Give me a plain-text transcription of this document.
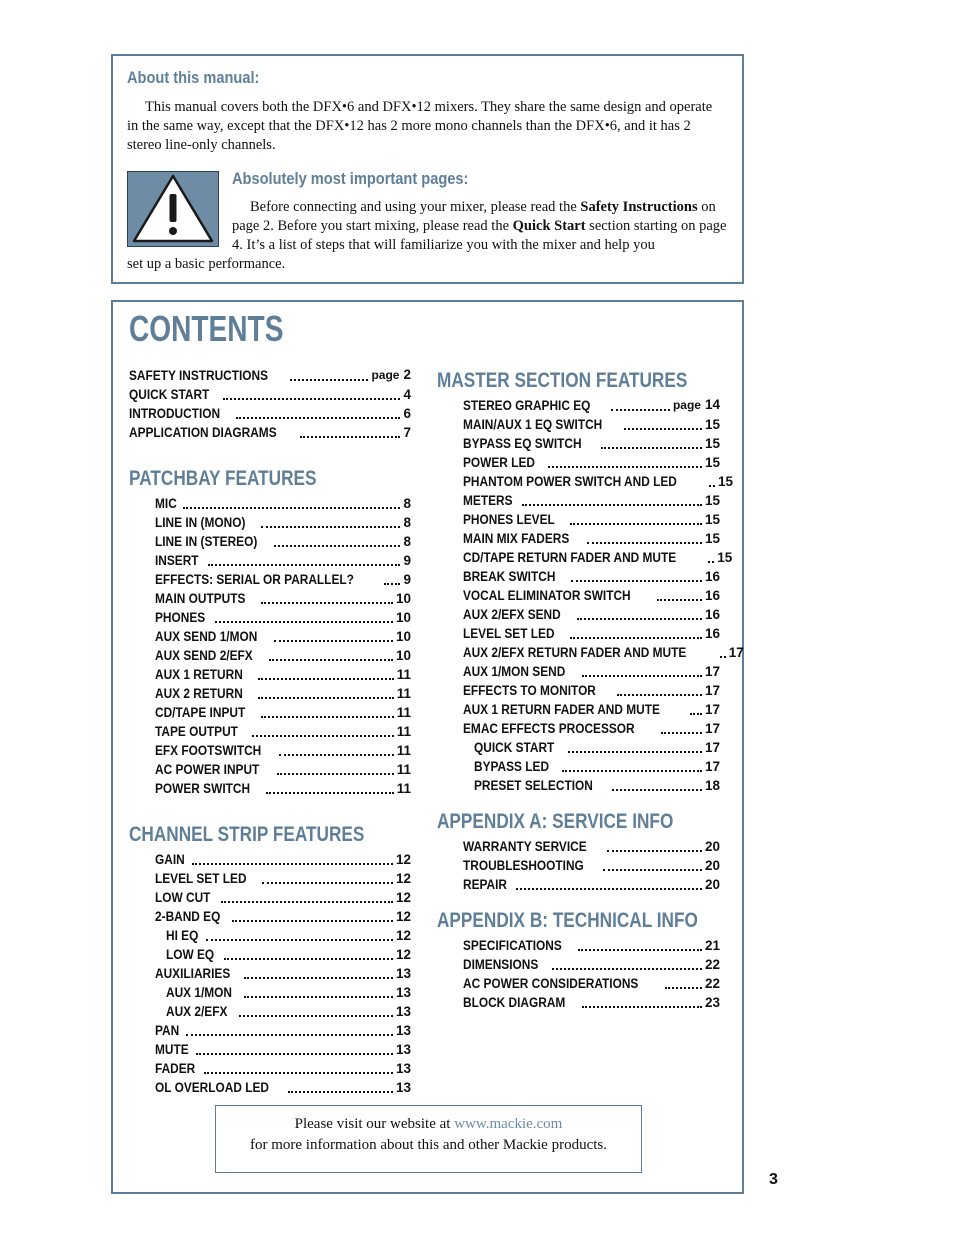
About this manual:
This manual covers both the DFX•6 and DFX•12 mixers. They share the same design and operate in the same way, except that the DFX•12 has 2 more mono channels than the DFX•6, and it has 2 stereo line-only channels.
Absolutely most important pages:
Before connecting and using your mixer, please read the Safety Instructions on page 2. Before you start mixing, please read the Quick Start section starting on page 4. It’s a list of steps that will familiarize you with the mixer and help you
set up a basic performance.
CONTENTS
SAFETY INSTRUCTIONS	page 2
QUICK START	4
INTRODUCTION	6
APPLICATION DIAGRAMS	7
PATCHBAY FEATURES
MIC	8
LINE IN (MONO)	8
LINE IN (STEREO)	8
INSERT	9
EFFECTS: SERIAL OR PARALLEL?	9
MAIN OUTPUTS	10
PHONES	10
AUX SEND 1/MON	10
AUX SEND 2/EFX	10
AUX 1 RETURN	11
AUX 2 RETURN	11
CD/TAPE INPUT	11
TAPE OUTPUT	11
EFX FOOTSWITCH	11
AC POWER INPUT	11
POWER SWITCH	11
CHANNEL STRIP FEATURES
GAIN	12
LEVEL SET LED	12
LOW CUT	12
2-BAND EQ	12
HI EQ	12
LOW EQ	12
AUXILIARIES	13
AUX 1/MON	13
AUX 2/EFX	13
PAN	13
MUTE	13
FADER	13
OL OVERLOAD LED	13
MASTER SECTION FEATURES
STEREO GRAPHIC EQ	page 14
MAIN/AUX 1 EQ SWITCH	15
BYPASS EQ SWITCH	15
POWER LED	15
PHANTOM POWER SWITCH AND LED	15
METERS	15
PHONES LEVEL	15
MAIN MIX FADERS	15
CD/TAPE RETURN FADER AND MUTE	15
BREAK SWITCH	16
VOCAL ELIMINATOR SWITCH	16
AUX 2/EFX SEND	16
LEVEL SET LED	16
AUX 2/EFX RETURN FADER AND MUTE	17
AUX 1/MON SEND	17
EFFECTS TO MONITOR	17
AUX 1 RETURN FADER AND MUTE	17
EMAC EFFECTS PROCESSOR	17
QUICK START	17
BYPASS LED	17
PRESET SELECTION	18
APPENDIX A: SERVICE INFO
WARRANTY SERVICE	20
TROUBLESHOOTING	20
REPAIR	20
APPENDIX B: TECHNICAL INFO
SPECIFICATIONS	21
DIMENSIONS	22
AC POWER CONSIDERATIONS	22
BLOCK DIAGRAM	23
Please visit our website at www.mackie.com
for more information about this and other Mackie products.
3
